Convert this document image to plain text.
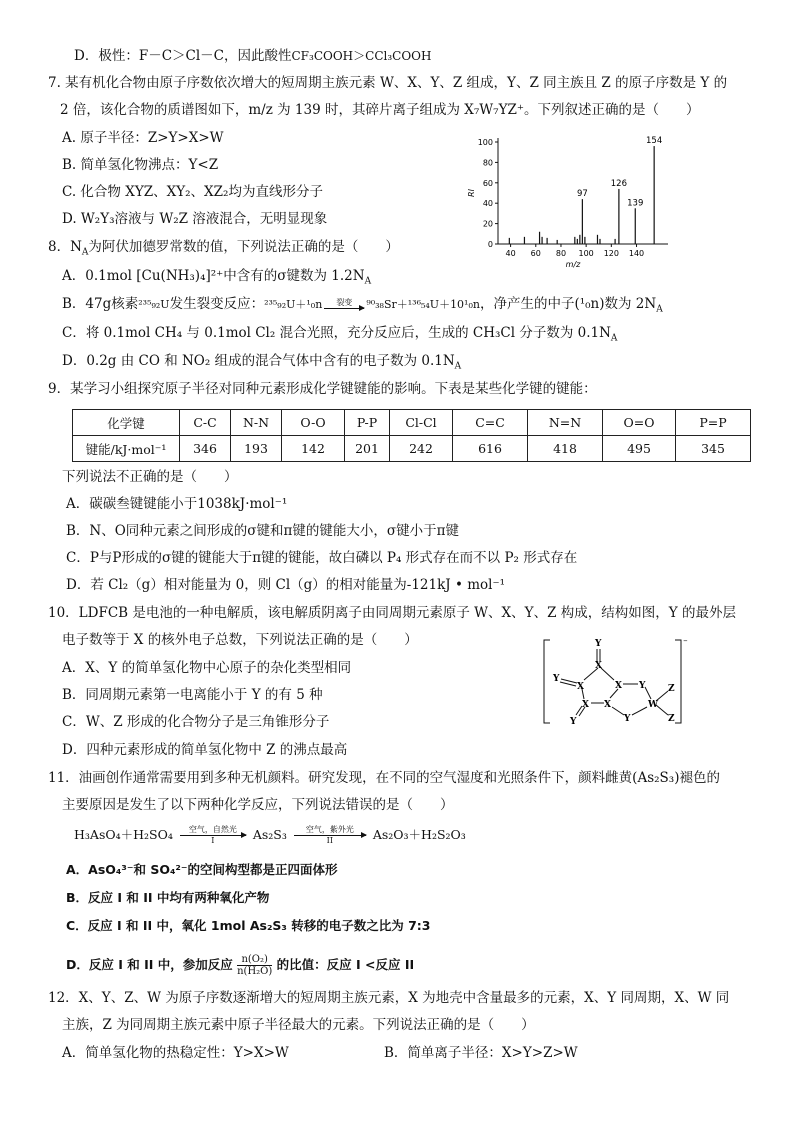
D．极性：F－C＞Cl－C，因此酸性CF₃COOH＞CCl₃COOH
7. 某有机化合物由原子序数依次增大的短周期主族元素 W、X、Y、Z 组成，Y、Z 同主族且 Z 的原子序数是 Y 的
2 倍，该化合物的质谱图如下，m/z 为 139 时，其碎片离子组成为 X₇W₇YZ⁺。下列叙述正确的是（　　）
A. 原子半径：Z>Y>X>W
B. 简单氢化物沸点：Y<Z
C. 化合物 XYZ、XY₂、XZ₂均为直线形分子
D. W₂Y₃溶液与 W₂Z 溶液混合，无明显现象
0
20
40
60
80
100
40 60 80 100 120 140
m/z
RI	97
126
139
154
8．$N_A$为阿伏加德罗常数的值，下列说法正确的是（　　）
A．0.1mol [Cu(NH₃)₄]²⁺中含有的σ键数为 $1.2N_A$
B．47g核素²³⁵₉₂U发生裂变反应：²³⁵₉₂U＋¹₀n	裂变	⁹⁰₃₈Sr＋¹³⁶₅₄U＋10¹₀n，净产生的中子(¹₀n)数为 $2N_A$
C．将 0.1mol CH₄ 与 0.1mol Cl₂ 混合光照，充分反应后，生成的 CH₃Cl 分子数为 $0.1N_A$
D．0.2g 由 CO 和 NO₂ 组成的混合气体中含有的电子数为 $0.1N_A$
9．某学习小组探究原子半径对同种元素形成化学键键能的影响。下表是某些化学键的键能：
化学键	C-C	N-N	O-O	P-P	Cl-Cl	C=C	N=N	O=O	P=P
键能/kJ·mol⁻¹	346	193	142	201	242	616	418	495	345
下列说法不正确的是（　　）
A．碳碳叁键键能小于1038kJ·mol⁻¹
B．N、O同种元素之间形成的σ键和π键的键能大小，σ键小于π键
C．P与P形成的σ键的键能大于π键的键能，故白磷以 P₄ 形式存在而不以 P₂ 形式存在
D．若 Cl₂（g）相对能量为 0，则 Cl（g）的相对能量为-121kJ • mol⁻¹
10．LDFCB 是电池的一种电解质，该电解质阴离子由同周期元素原子 W、X、Y、Z 构成，结构如图，Y 的最外层
电子数等于 X 的核外电子总数，下列说法正确的是（　　）
A．X、Y 的简单氢化物中心原子的杂化类型相同
B．同周期元素第一电离能小于 Y 的有 5 种
C．W、Z 形成的化合物分子是三角锥形分子
D．四种元素形成的简单氢化物中 Z 的沸点最高
⁻
Y
X
Y
X	X Y
X X
Y	Y
W
Z
Z
11．油画创作通常需要用到多种无机颜料。研究发现，在不同的空气湿度和光照条件下，颜料雌黄(As₂S₃)褪色的
主要原因是发生了以下两种化学反应，下列说法错误的是（　　）
H₃AsO₄＋H₂SO₄	空气，自然光
I	As₂S₃	空气，紫外光
II	As₂O₃＋H₂S₂O₃
A．AsO₄³⁻和 SO₄²⁻的空间构型都是正四面体形
B．反应 I 和 II 中均有两种氧化产物
C．反应 I 和 II 中，氧化 1mol As₂S₃ 转移的电子数之比为 7:3
D．反应 I 和 II 中，参加反应 $\frac{\text{n(O₂)}}{\text{n(H₂O)}}$ 的比值：反应 I <反应 II
12．X、Y、Z、W 为原子序数逐渐增大的短周期主族元素，X 为地壳中含量最多的元素，X、Y 同周期，X、W 同
主族，Z 为同周期主族元素中原子半径最大的元素。下列说法正确的是（　　）
A．简单氢化物的热稳定性：Y>X>W	B．简单离子半径：X>Y>Z>W
